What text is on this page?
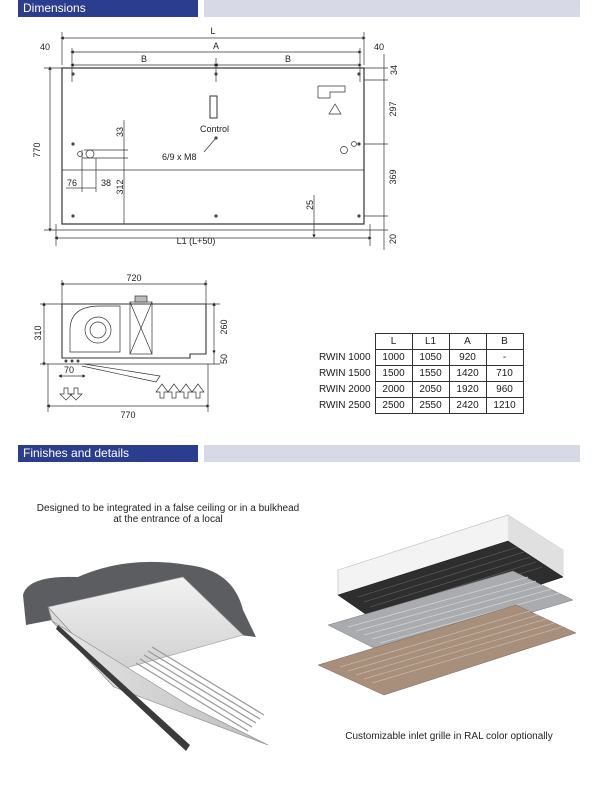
Dimensions
L
A
B	B
40	40
770
33
312
76	38
Control
6/9 x M8
25
L1 (L+50)
34
297
369
20
720
310	260
50
70
770
	L	L1	A	B
RWIN 1000	1000	1050	920	-
RWIN 1500	1500	1550	1420	710
RWIN 2000	2000	2050	1920	960
RWIN 2500	2500	2550	2420	1210
Finishes and details
Designed to be integrated in a false ceiling or in a bulkhead
at the entrance of a local
Customizable inlet grille in RAL color optionally
